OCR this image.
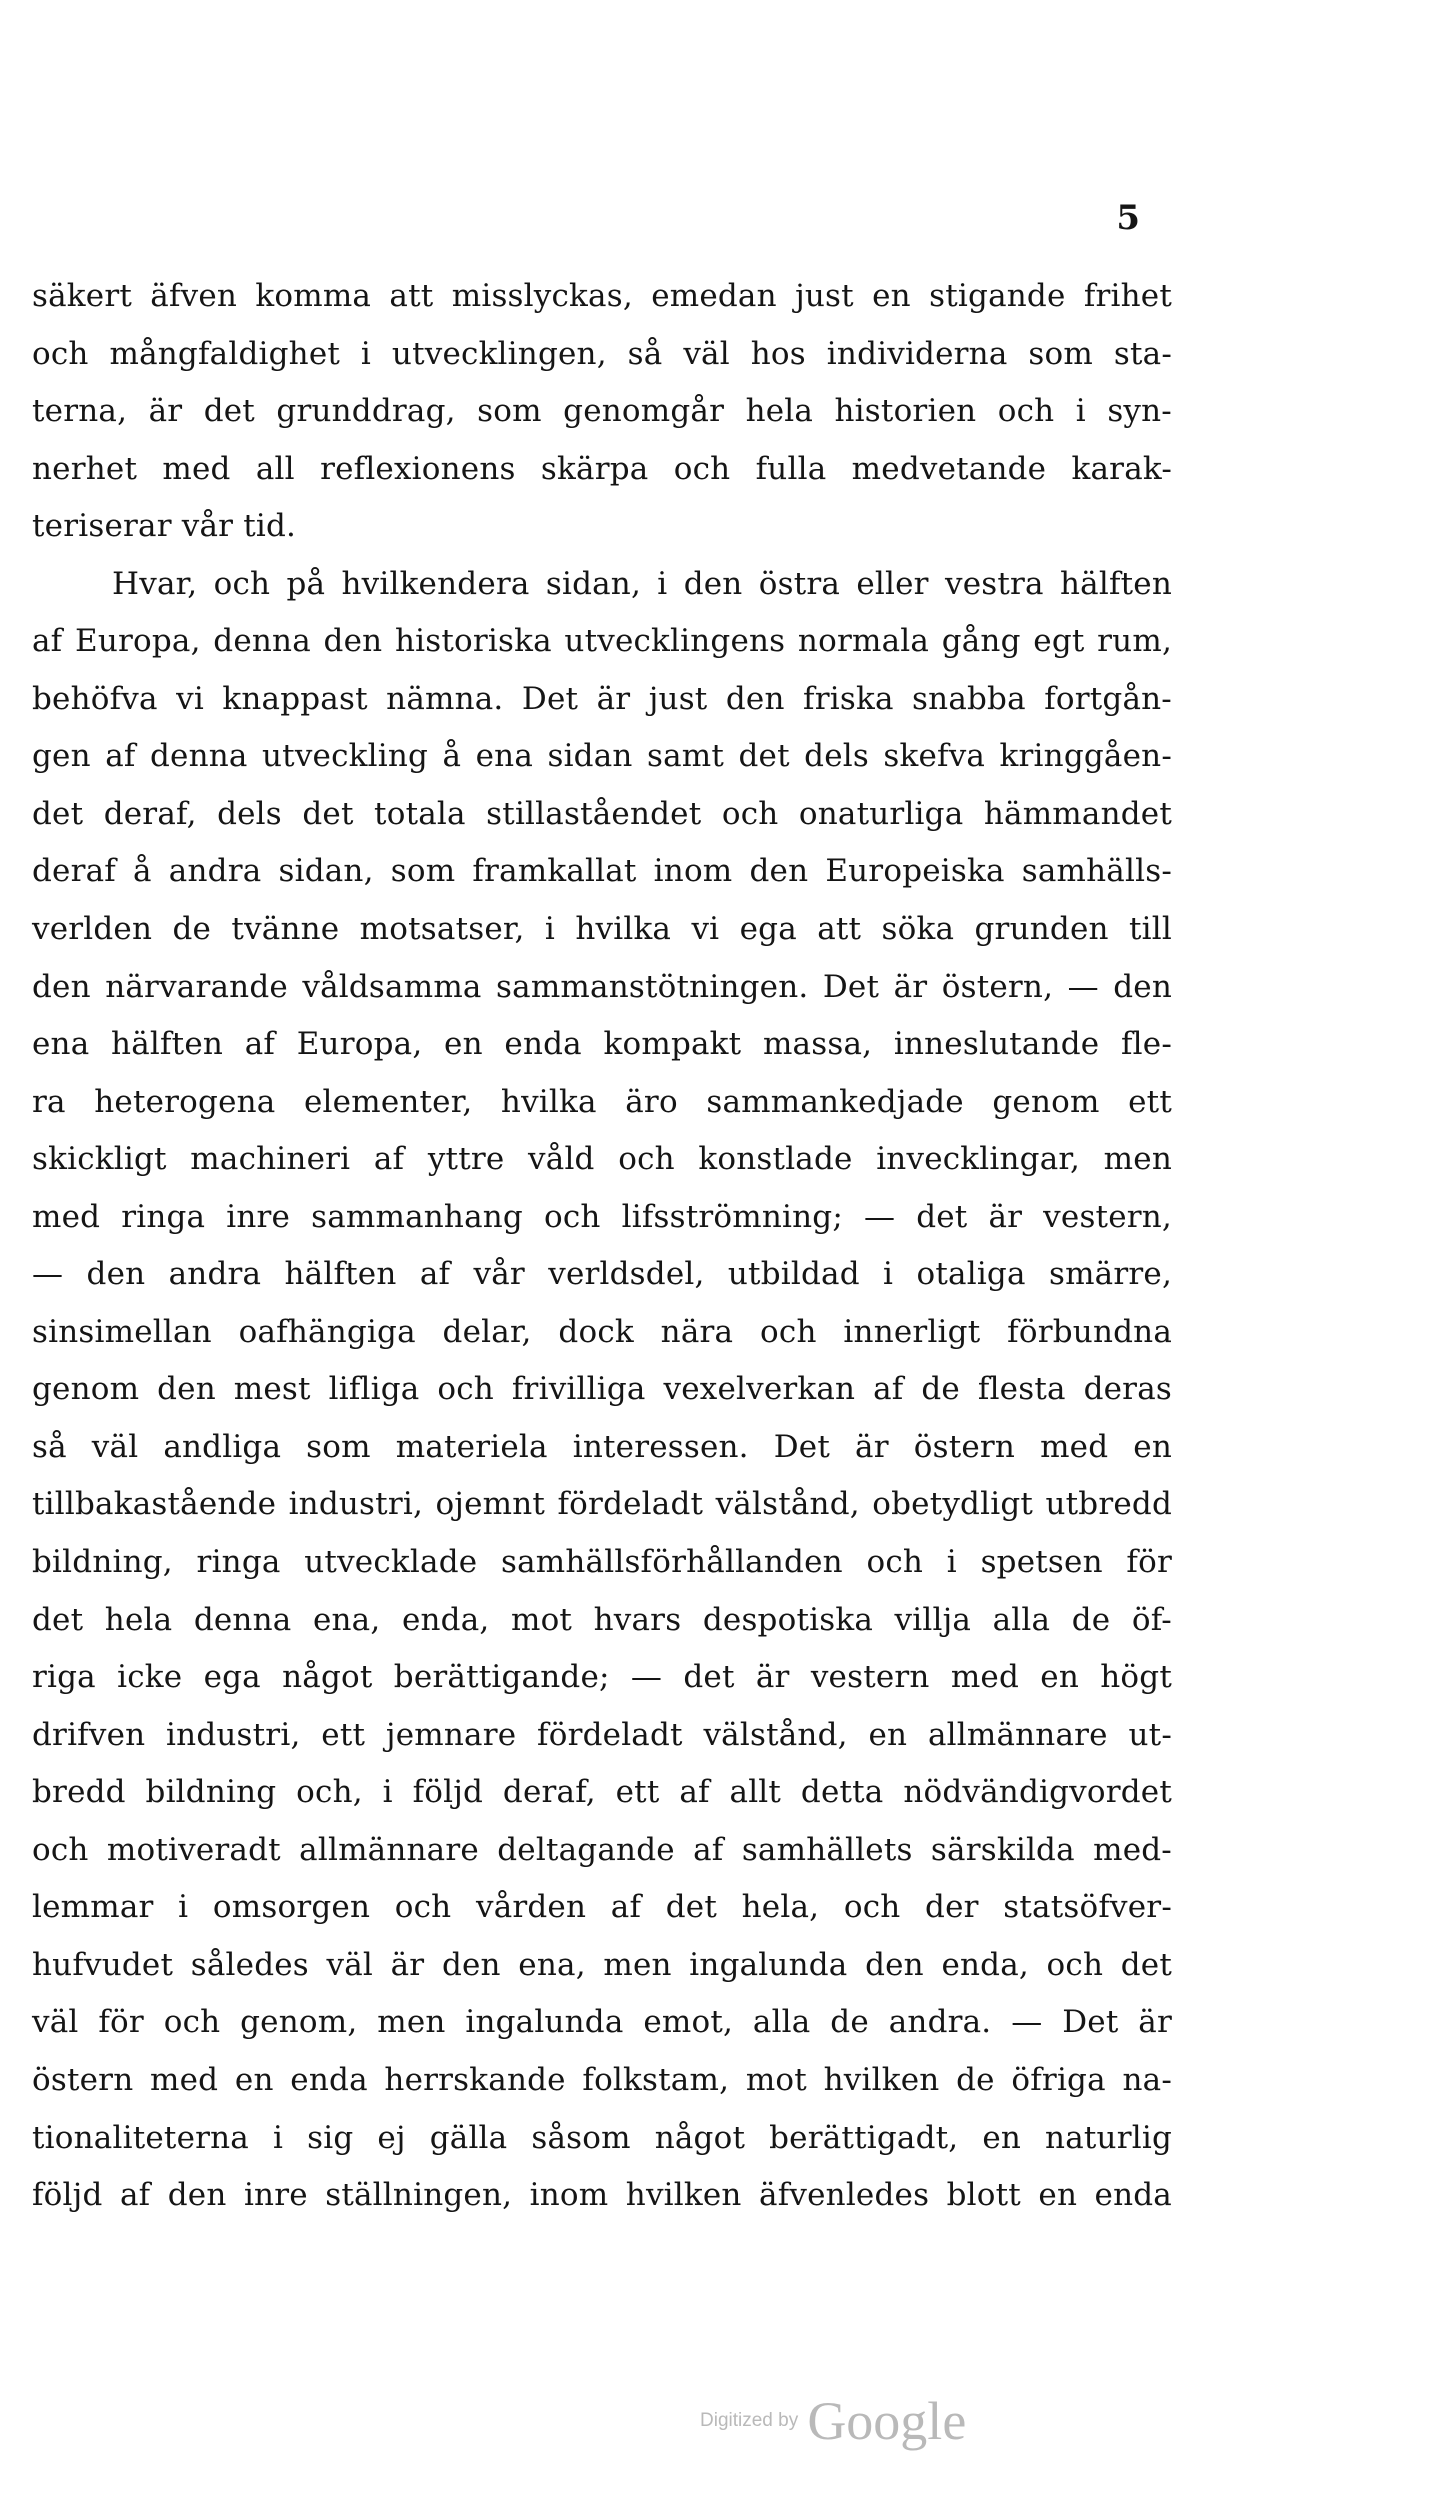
5
säkert äfven komma att misslyckas, emedan just en stigande frihet
och mångfaldighet i utvecklingen, så väl hos individerna som sta-
terna, är det grunddrag, som genomgår hela historien och i syn-
nerhet med all reflexionens skärpa och fulla medvetande karak-
teriserar vår tid.
Hvar, och på hvilkendera sidan, i den östra eller vestra hälften
af Europa, denna den historiska utvecklingens normala gång egt rum,
behöfva vi knappast nämna. Det är just den friska snabba fortgån-
gen af denna utveckling å ena sidan samt det dels skefva kringgåen-
det deraf, dels det totala stillaståendet och onaturliga hämmandet
deraf å andra sidan, som framkallat inom den Europeiska samhälls-
verlden de tvänne motsatser, i hvilka vi ega att söka grunden till
den närvarande våldsamma sammanstötningen. Det är östern, — den
ena hälften af Europa, en enda kompakt massa, inneslutande fle-
ra heterogena elementer, hvilka äro sammankedjade genom ett
skickligt machineri af yttre våld och konstlade invecklingar, men
med ringa inre sammanhang och lifsströmning; — det är vestern,
— den andra hälften af vår verldsdel, utbildad i otaliga smärre,
sinsimellan oafhängiga delar, dock nära och innerligt förbundna
genom den mest lifliga och frivilliga vexelverkan af de flesta deras
så väl andliga som materiela interessen. Det är östern med en
tillbakastående industri, ojemnt fördeladt välstånd, obetydligt utbredd
bildning, ringa utvecklade samhällsförhållanden och i spetsen för
det hela denna ena, enda, mot hvars despotiska villja alla de öf-
riga icke ega något berättigande; — det är vestern med en högt
drifven industri, ett jemnare fördeladt välstånd, en allmännare ut-
bredd bildning och, i följd deraf, ett af allt detta nödvändigvordet
och motiveradt allmännare deltagande af samhällets särskilda med-
lemmar i omsorgen och vården af det hela, och der statsöfver-
hufvudet således väl är den ena, men ingalunda den enda, och det
väl för och genom, men ingalunda emot, alla de andra. — Det är
östern med en enda herrskande folkstam, mot hvilken de öfriga na-
tionaliteterna i sig ej gälla såsom något berättigadt, en naturlig
följd af den inre ställningen, inom hvilken äfvenledes blott en enda
Digitized by Google
